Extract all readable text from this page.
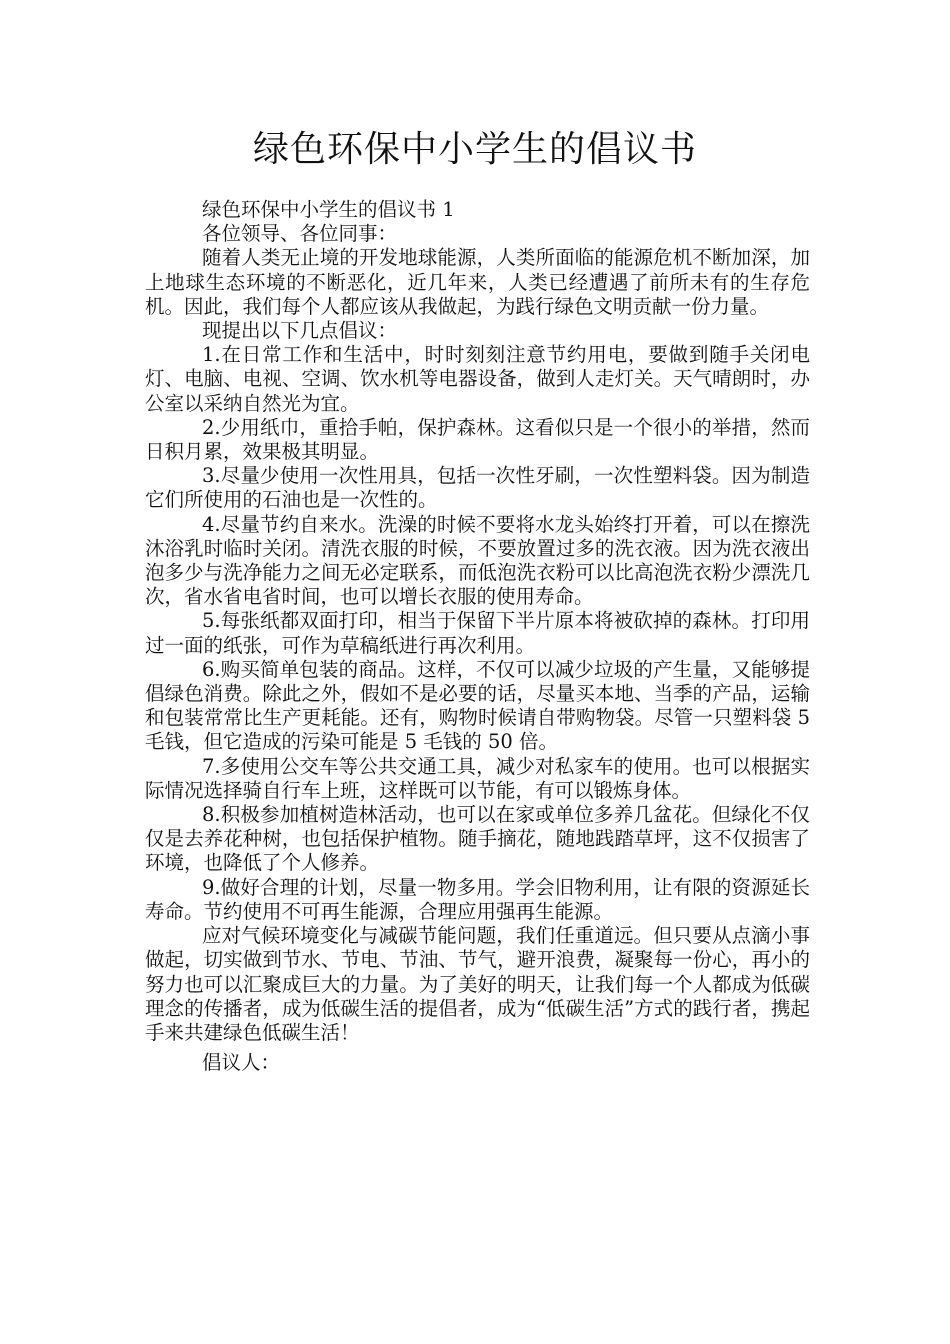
绿色环保中小学生的倡议书

绿色环保中小学生的倡议书 1

各位领导、各位同事：

随着人类无止境的开发地球能源，人类所面临的能源危机不断加深，加上地球生态环境的不断恶化，近几年来，人类已经遭遇了前所未有的生存危机。因此，我们每个人都应该从我做起，为践行绿色文明贡献一份力量。

现提出以下几点倡议：

1.在日常工作和生活中，时时刻刻注意节约用电，要做到随手关闭电灯、电脑、电视、空调、饮水机等电器设备，做到人走灯关。天气晴朗时，办公室以采纳自然光为宜。

2.少用纸巾，重拾手帕，保护森林。这看似只是一个很小的举措，然而日积月累，效果极其明显。

3.尽量少使用一次性用具，包括一次性牙刷，一次性塑料袋。因为制造它们所使用的石油也是一次性的。

4.尽量节约自来水。洗澡的时候不要将水龙头始终打开着，可以在擦洗沐浴乳时临时关闭。清洗衣服的时候，不要放置过多的洗衣液。因为洗衣液出泡多少与洗净能力之间无必定联系，而低泡洗衣粉可以比高泡洗衣粉少漂洗几次，省水省电省时间，也可以增长衣服的使用寿命。

5.每张纸都双面打印，相当于保留下半片原本将被砍掉的森林。打印用过一面的纸张，可作为草稿纸进行再次利用。

6.购买简单包装的商品。这样，不仅可以减少垃圾的产生量，又能够提倡绿色消费。除此之外，假如不是必要的话，尽量买本地、当季的产品，运输和包装常常比生产更耗能。还有，购物时候请自带购物袋。尽管一只塑料袋 5 毛钱，但它造成的污染可能是 5 毛钱的 50 倍。

7.多使用公交车等公共交通工具，减少对私家车的使用。也可以根据实际情况选择骑自行车上班，这样既可以节能，有可以锻炼身体。

8.积极参加植树造林活动，也可以在家或单位多养几盆花。但绿化不仅仅是去养花种树，也包括保护植物。随手摘花，随地践踏草坪，这不仅损害了环境，也降低了个人修养。

9.做好合理的计划，尽量一物多用。学会旧物利用，让有限的资源延长寿命。节约使用不可再生能源，合理应用强再生能源。

应对气候环境变化与减碳节能问题，我们任重道远。但只要从点滴小事做起，切实做到节水、节电、节油、节气，避开浪费，凝聚每一份心，再小的努力也可以汇聚成巨大的力量。为了美好的明天，让我们每一个人都成为低碳理念的传播者，成为低碳生活的提倡者，成为“低碳生活”方式的践行者，携起手来共建绿色低碳生活！

倡议人：
